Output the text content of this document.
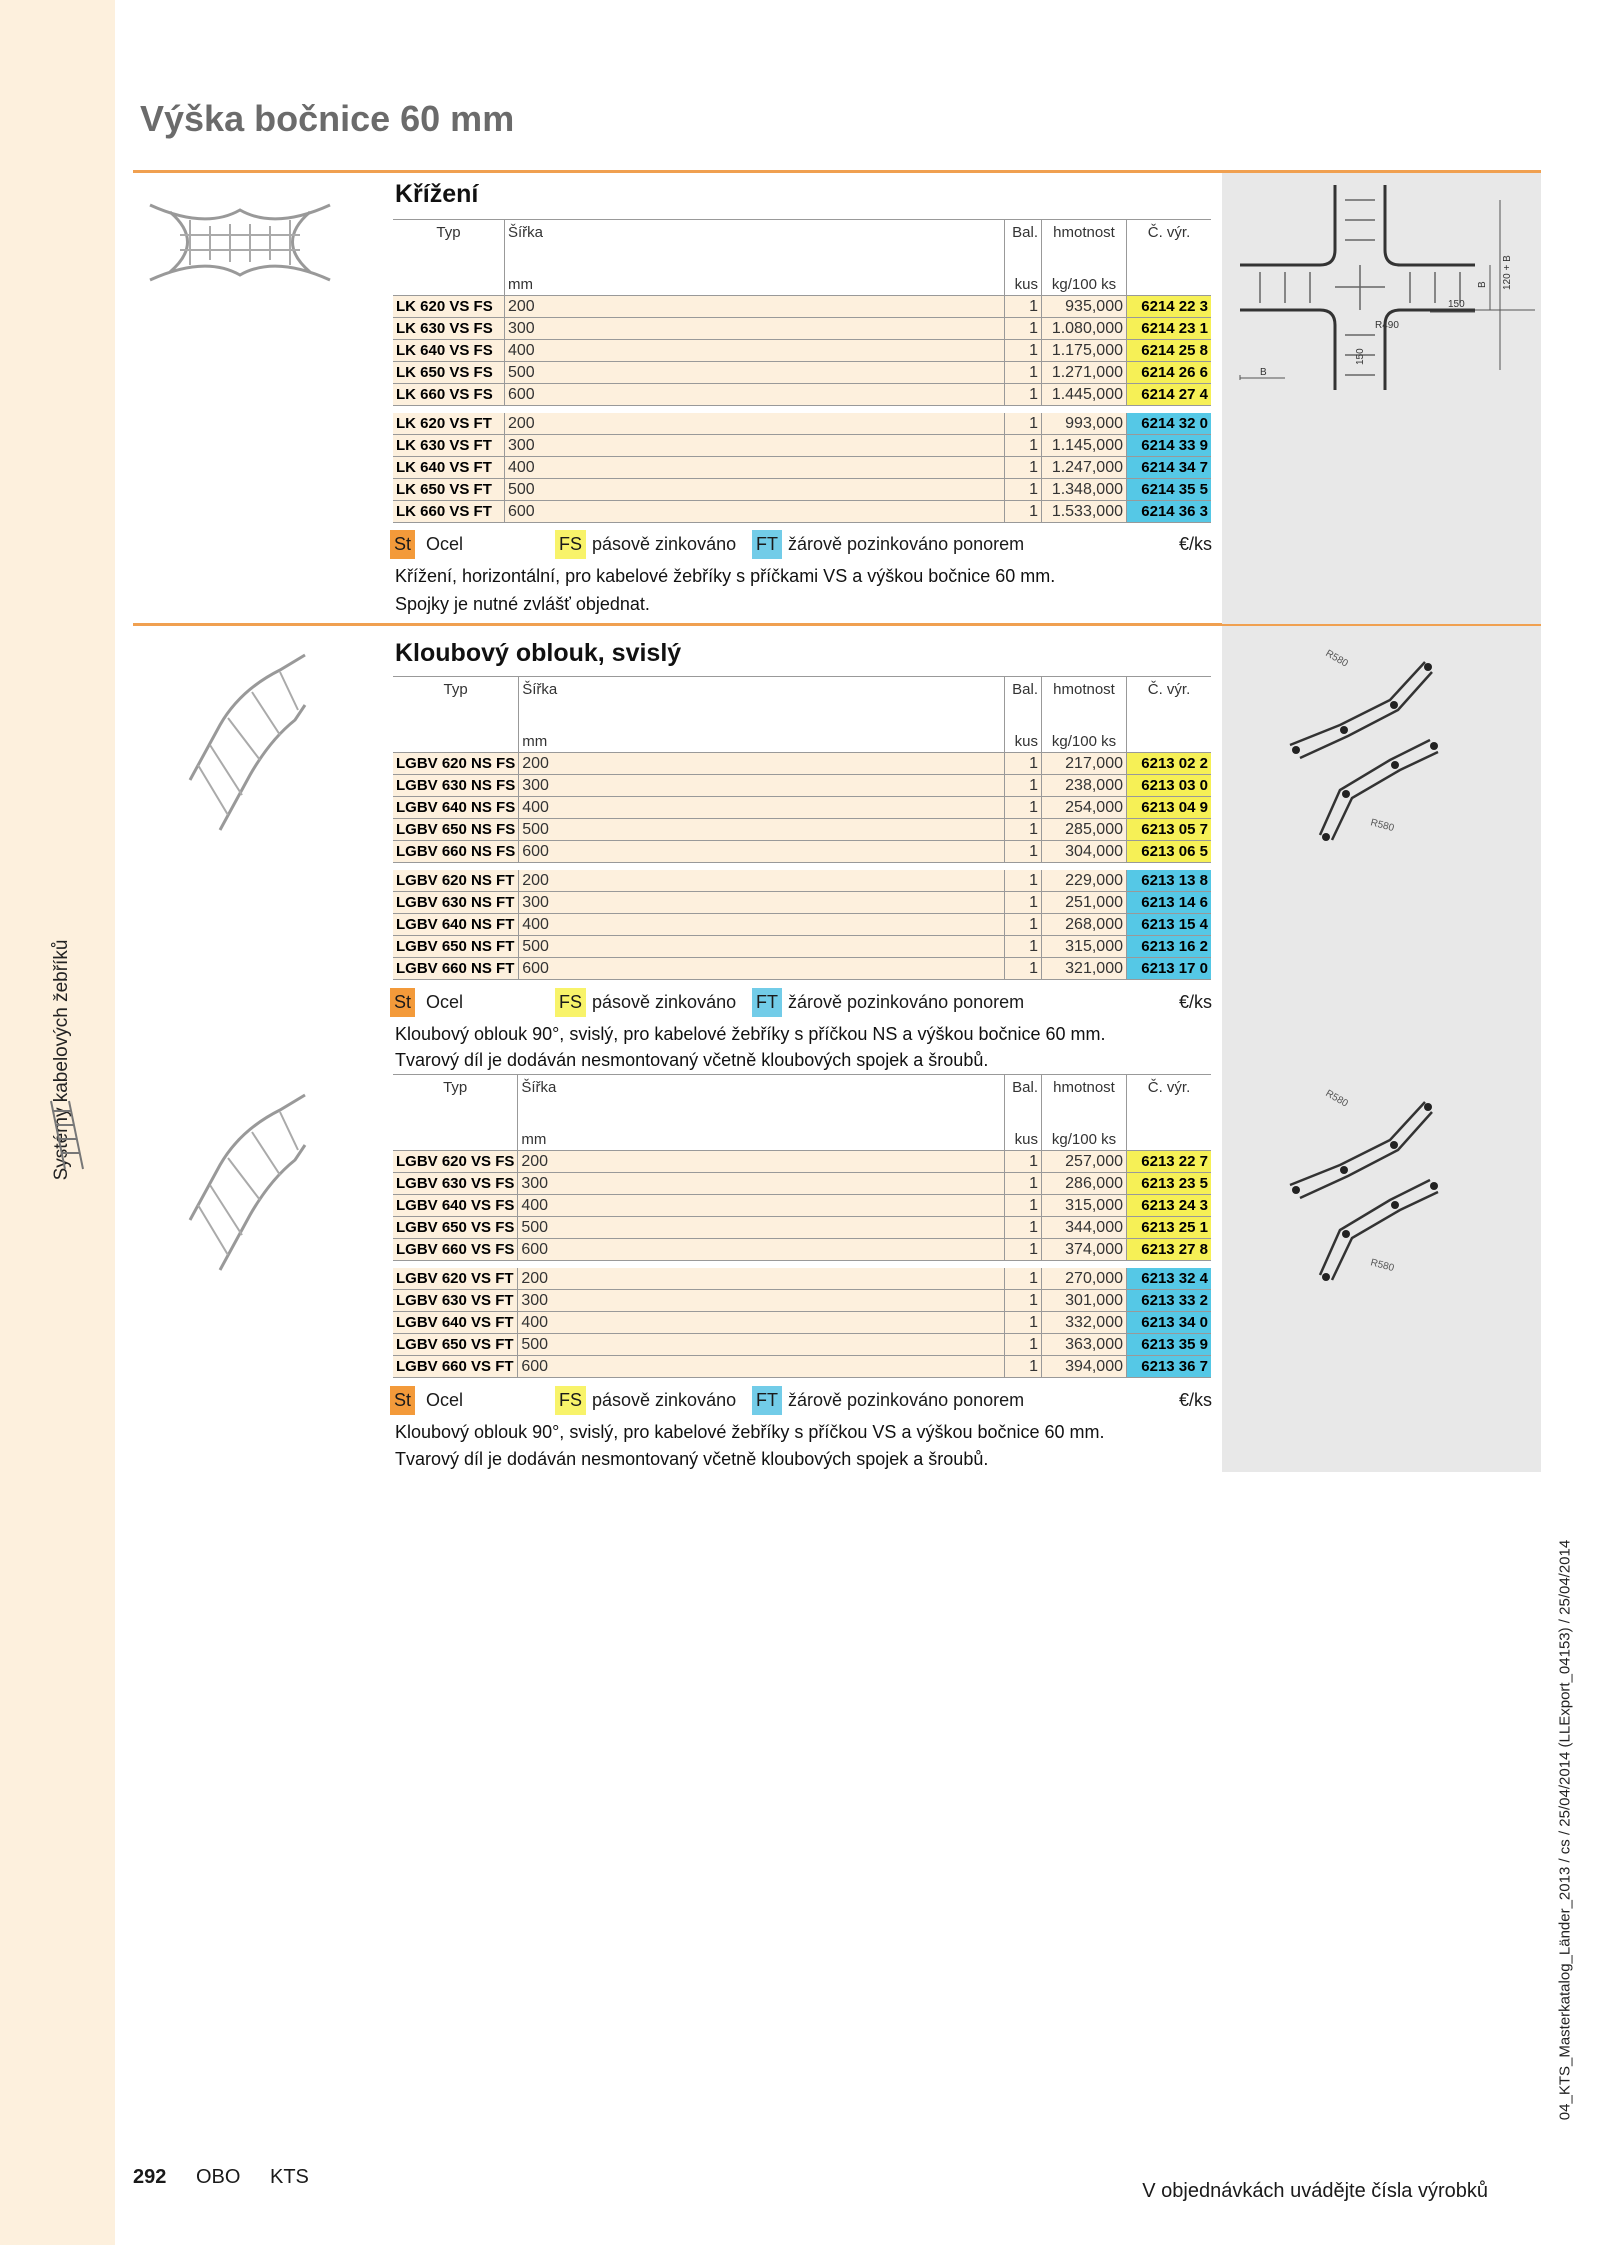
Systémy kabelových žebříků
Výška bočnice 60 mm
Křížení
Typ	Šířka		Bal.	hmotnost	Č. výr.
	mm		kus	kg/100 ks	
LK 620 VS FS	200		1	935,000	6214 22 3
LK 630 VS FS	300		1	1.080,000	6214 23 1
LK 640 VS FS	400		1	1.175,000	6214 25 8
LK 650 VS FS	500		1	1.271,000	6214 26 6
LK 660 VS FS	600		1	1.445,000	6214 27 4

LK 620 VS FT	200		1	993,000	6214 32 0
LK 630 VS FT	300		1	1.145,000	6214 33 9
LK 640 VS FT	400		1	1.247,000	6214 34 7
LK 650 VS FT	500		1	1.348,000	6214 35 5
LK 660 VS FT	600		1	1.533,000	6214 36 3
St Ocel	FS pásově zinkováno FT žárově pozinkováno ponorem	€/ks

Křížení, horizontální, pro kabelové žebříky s příčkami VS a výškou bočnice 60 mm.

Spojky je nutné zvlášť objednat.

B 120 + B
150
R490
150
B
Kloubový oblouk, svislý
Typ	Šířka		Bal.	hmotnost	Č. výr.
	mm		kus	kg/100 ks	
LGBV 620 NS FS	200		1	217,000	6213 02 2
LGBV 630 NS FS	300		1	238,000	6213 03 0
LGBV 640 NS FS	400		1	254,000	6213 04 9
LGBV 650 NS FS	500		1	285,000	6213 05 7
LGBV 660 NS FS	600		1	304,000	6213 06 5

LGBV 620 NS FT	200		1	229,000	6213 13 8
LGBV 630 NS FT	300		1	251,000	6213 14 6
LGBV 640 NS FT	400		1	268,000	6213 15 4
LGBV 650 NS FT	500		1	315,000	6213 16 2
LGBV 660 NS FT	600		1	321,000	6213 17 0
St Ocel	FS pásově zinkováno FT žárově pozinkováno ponorem	€/ks

Kloubový oblouk 90°, svislý, pro kabelové žebříky s příčkou NS a výškou bočnice 60 mm.

Tvarový díl je dodáván nesmontovaný včetně kloubových spojek a šroubů.

R580
R580
Typ	Šířka		Bal.	hmotnost	Č. výr.
	mm		kus	kg/100 ks	
LGBV 620 VS FS	200		1	257,000	6213 22 7
LGBV 630 VS FS	300		1	286,000	6213 23 5
LGBV 640 VS FS	400		1	315,000	6213 24 3
LGBV 650 VS FS	500		1	344,000	6213 25 1
LGBV 660 VS FS	600		1	374,000	6213 27 8

LGBV 620 VS FT	200		1	270,000	6213 32 4
LGBV 630 VS FT	300		1	301,000	6213 33 2
LGBV 640 VS FT	400		1	332,000	6213 34 0
LGBV 650 VS FT	500		1	363,000	6213 35 9
LGBV 660 VS FT	600		1	394,000	6213 36 7
St Ocel	FS pásově zinkováno FT žárově pozinkováno ponorem	€/ks

Kloubový oblouk 90°, svislý, pro kabelové žebříky s příčkou VS a výškou bočnice 60 mm.

Tvarový díl je dodáván nesmontovaný včetně kloubových spojek a šroubů.

R580
R580
292 OBO KTS
V objednávkách uvádějte čísla výrobků
04_KTS_Masterkatalog_Länder_2013 / cs / 25/04/2014 (LLExport_04153) / 25/04/2014
